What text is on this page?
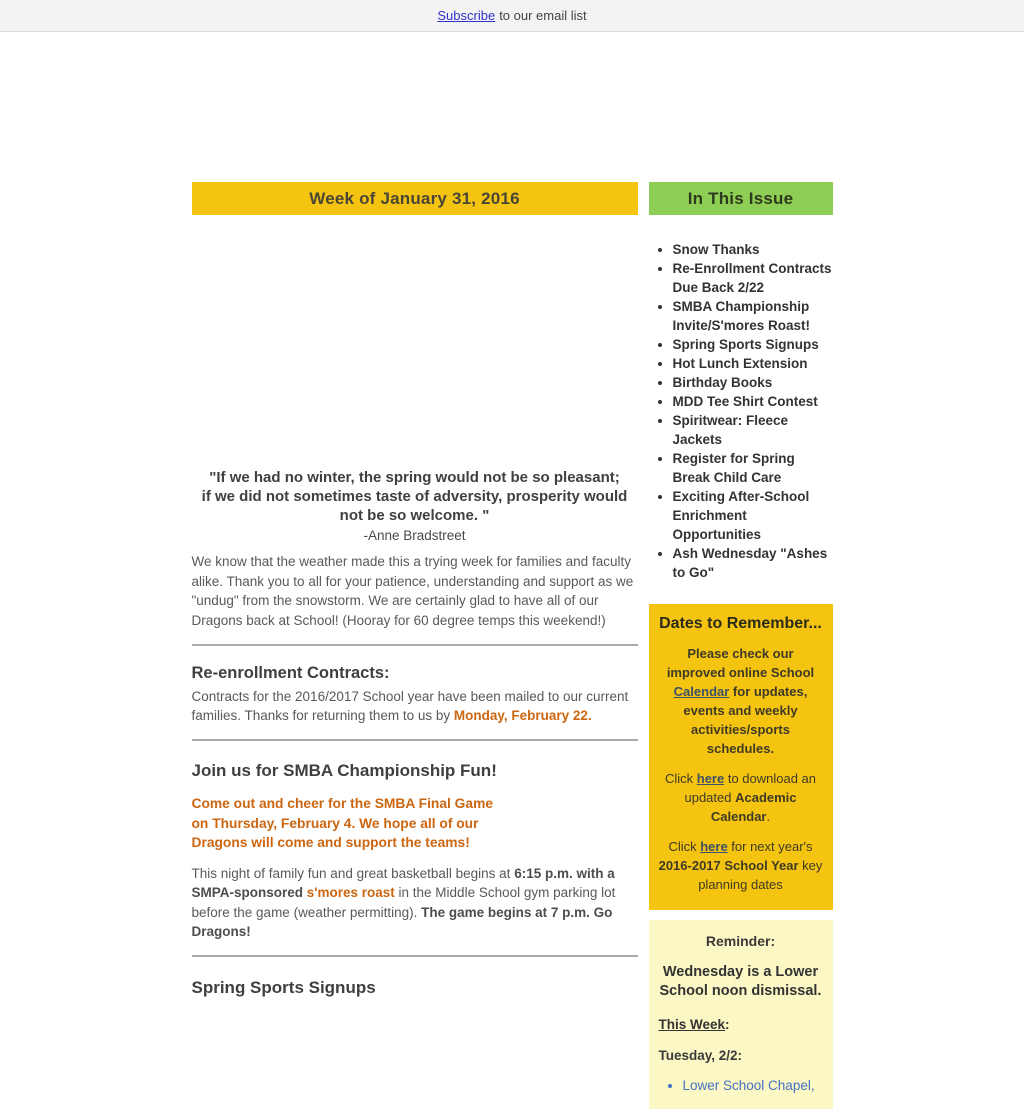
Subscribe to our email list
Week of January 31, 2016
"If we had no winter, the spring would not be so pleasant;
if we did not sometimes taste of adversity, prosperity would
not be so welcome. "
-Anne Bradstreet

We know that the weather made this a trying week for families and faculty alike. Thank you to all for your patience, understanding and support as we "undug" from the snowstorm. We are certainly glad to have all of our Dragons back at School! (Hooray for 60 degree temps this weekend!)

Re-enrollment Contracts:

Contracts for the 2016/2017 School year have been mailed to our current families. Thanks for returning them to us by Monday, February 22.

Join us for SMBA Championship Fun!
Come out and cheer for the SMBA Final Game
on Thursday, February 4. We hope all of our
Dragons will come and support the teams!

This night of family fun and great basketball begins at 6:15 p.m. with a SMPA-sponsored s'mores roast in the Middle School gym parking lot before the game (weather permitting). The game begins at 7 p.m. Go Dragons!

Spring Sports Signups
In This Issue
• Snow Thanks
• Re-Enrollment Contracts Due Back 2/22
• SMBA Championship Invite/S'mores Roast!
• Spring Sports Signups
• Hot Lunch Extension
• Birthday Books
• MDD Tee Shirt Contest
• Spiritwear: Fleece Jackets
• Register for Spring Break Child Care
• Exciting After-School Enrichment Opportunities
• Ash Wednesday "Ashes to Go"
Dates to Remember...

Please check our improved online School Calendar for updates, events and weekly activities/sports schedules.

Click here to download an updated Academic Calendar.

Click here for next year's 2016-2017 School Year key planning dates

Reminder:
Wednesday is a Lower School noon dismissal.
This Week:
Tuesday, 2/2:
• Lower School Chapel,
